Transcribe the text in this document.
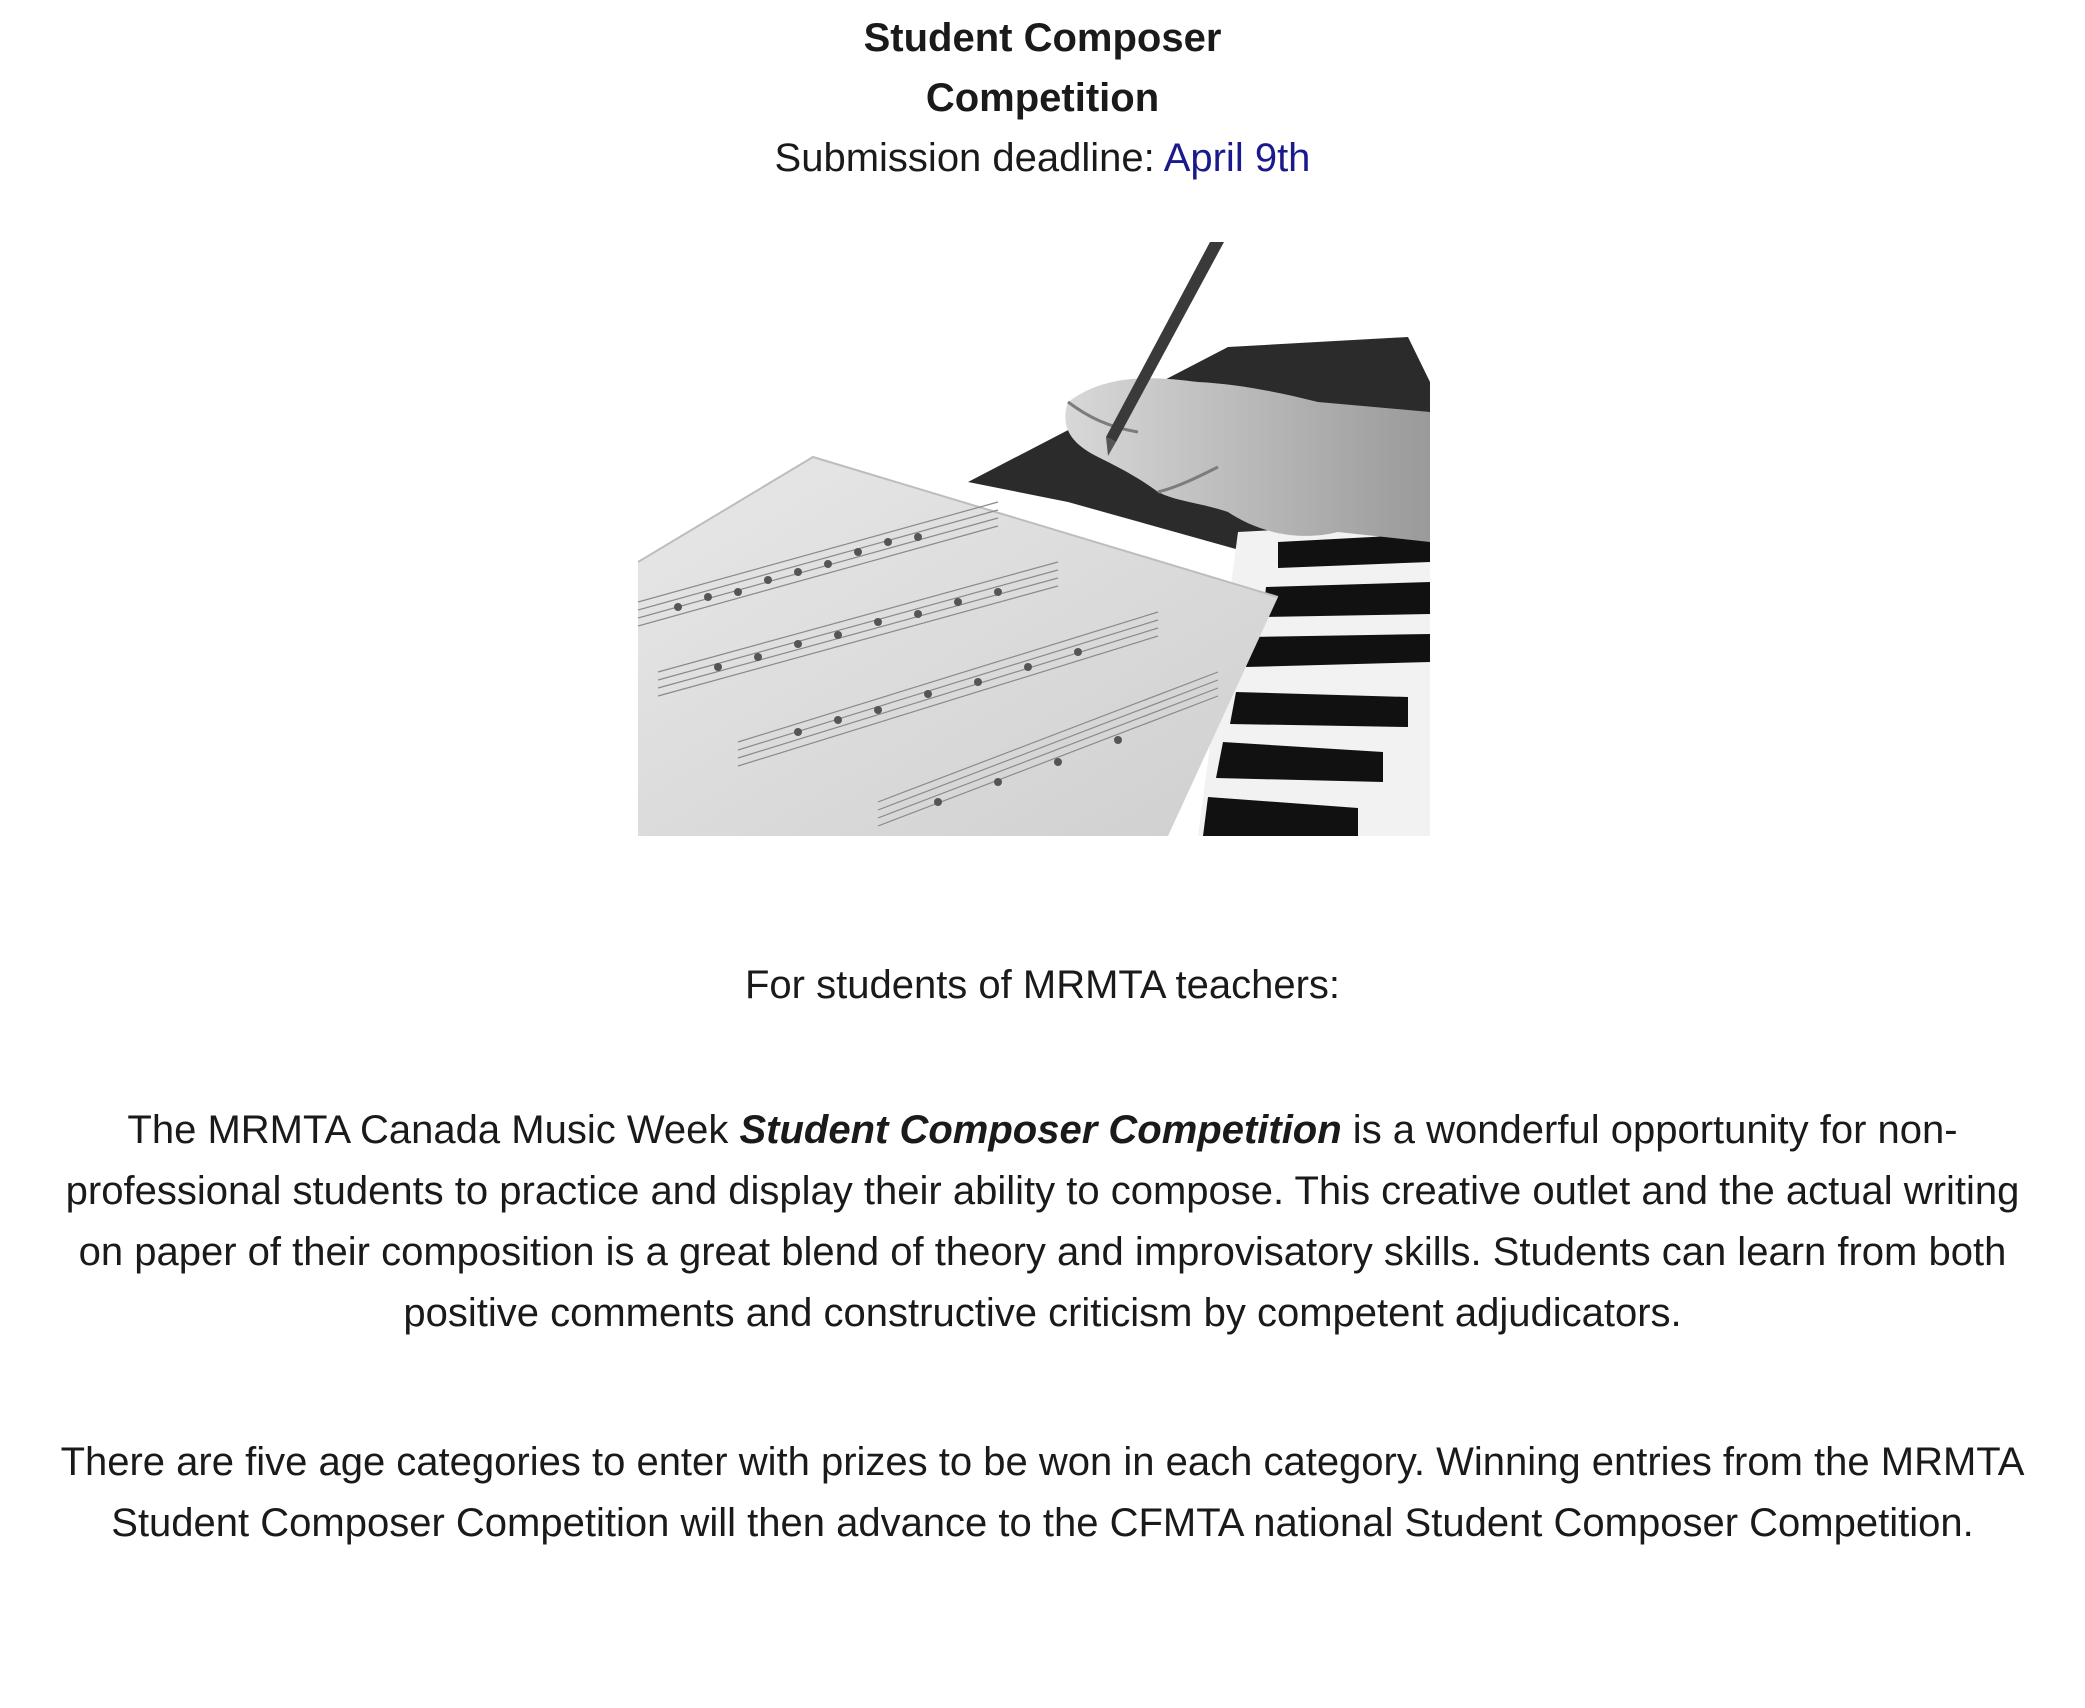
Student Composer
Competition
Submission deadline: April 9th
For students of MRMTA teachers:

The MRMTA Canada Music Week Student Composer Competition is a wonderful opportunity for non-professional students to practice and display their ability to compose. This creative outlet and the actual writing on paper of their composition is a great blend of theory and improvisatory skills. Students can learn from both positive comments and constructive criticism by competent adjudicators.

There are five age categories to enter with prizes to be won in each category. Winning entries from the MRMTA Student Composer Competition will then advance to the CFMTA national Student Composer Competition.
